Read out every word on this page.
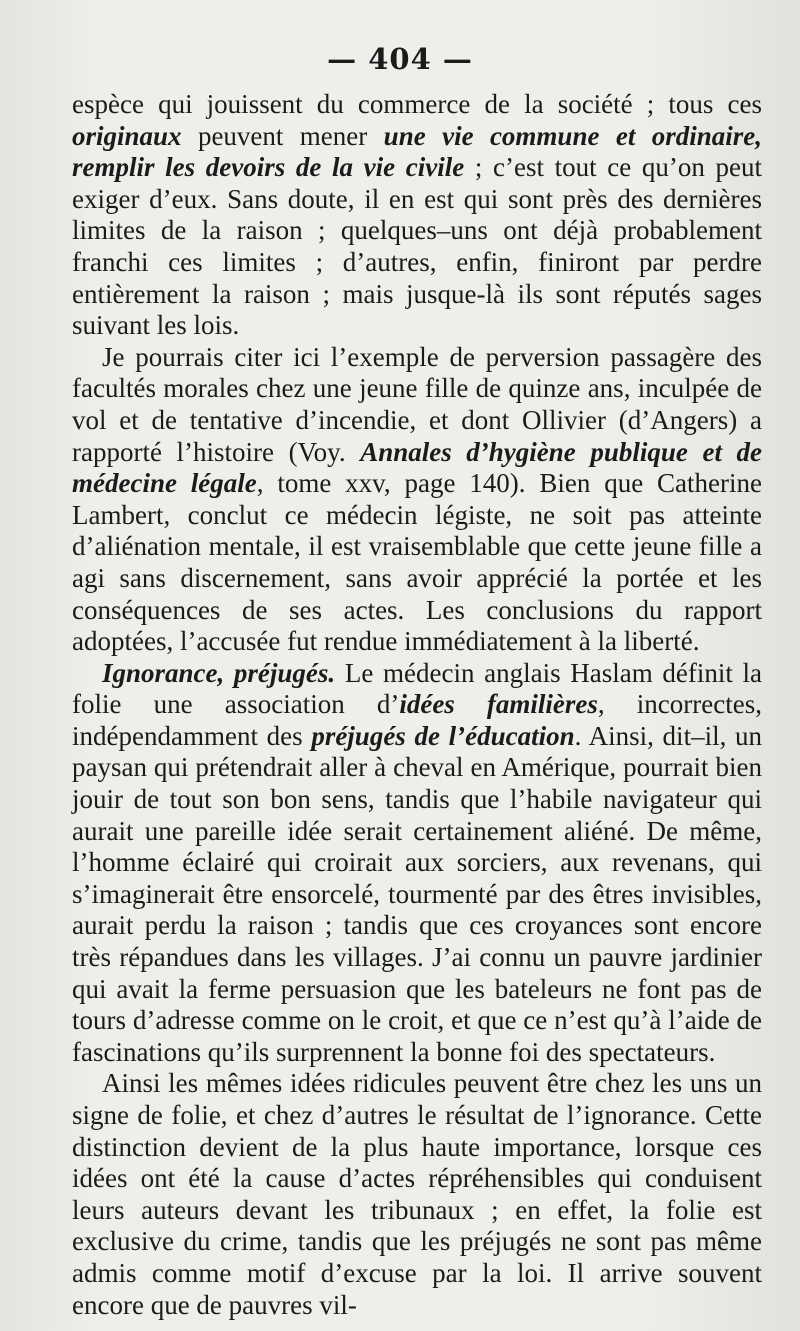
— 404 —

espèce qui jouissent du commerce de la société ; tous ces originaux peuvent mener une vie commune et ordinaire, remplir les devoirs de la vie civile ; c’est tout ce qu’on peut exiger d’eux. Sans doute, il en est qui sont près des dernières limites de la raison ; quelques–uns ont déjà probablement franchi ces limites ; d’autres, enfin, finiront par perdre entièrement la raison ; mais jusque-là ils sont réputés sages suivant les lois.

Je pourrais citer ici l’exemple de perversion passagère des facultés morales chez une jeune fille de quinze ans, inculpée de vol et de tentative d’incendie, et dont Ollivier (d’Angers) a rapporté l’histoire (Voy. Annales d’hygiène publique et de médecine légale, tome xxv, page 140). Bien que Catherine Lambert, conclut ce médecin légiste, ne soit pas atteinte d’aliénation mentale, il est vraisemblable que cette jeune fille a agi sans discernement, sans avoir apprécié la portée et les conséquences de ses actes. Les conclusions du rapport adoptées, l’accusée fut rendue immédiatement à la liberté.

Ignorance, préjugés. Le médecin anglais Haslam définit la folie une association d’idées familières, incorrectes, indépendamment des préjugés de l’éducation. Ainsi, dit–il, un paysan qui prétendrait aller à cheval en Amérique, pourrait bien jouir de tout son bon sens, tandis que l’habile navigateur qui aurait une pareille idée serait certainement aliéné. De même, l’homme éclairé qui croirait aux sorciers, aux revenans, qui s’imaginerait être ensorcelé, tourmenté par des êtres invisibles, aurait perdu la raison ; tandis que ces croyances sont encore très répandues dans les villages. J’ai connu un pauvre jardinier qui avait la ferme persuasion que les bateleurs ne font pas de tours d’adresse comme on le croit, et que ce n’est qu’à l’aide de fascinations qu’ils surprennent la bonne foi des spectateurs.

Ainsi les mêmes idées ridicules peuvent être chez les uns un signe de folie, et chez d’autres le résultat de l’ignorance. Cette distinction devient de la plus haute importance, lorsque ces idées ont été la cause d’actes répréhensibles qui conduisent leurs auteurs devant les tribunaux ; en effet, la folie est exclusive du crime, tandis que les préjugés ne sont pas même admis comme motif d’excuse par la loi. Il arrive souvent encore que de pauvres vil-
